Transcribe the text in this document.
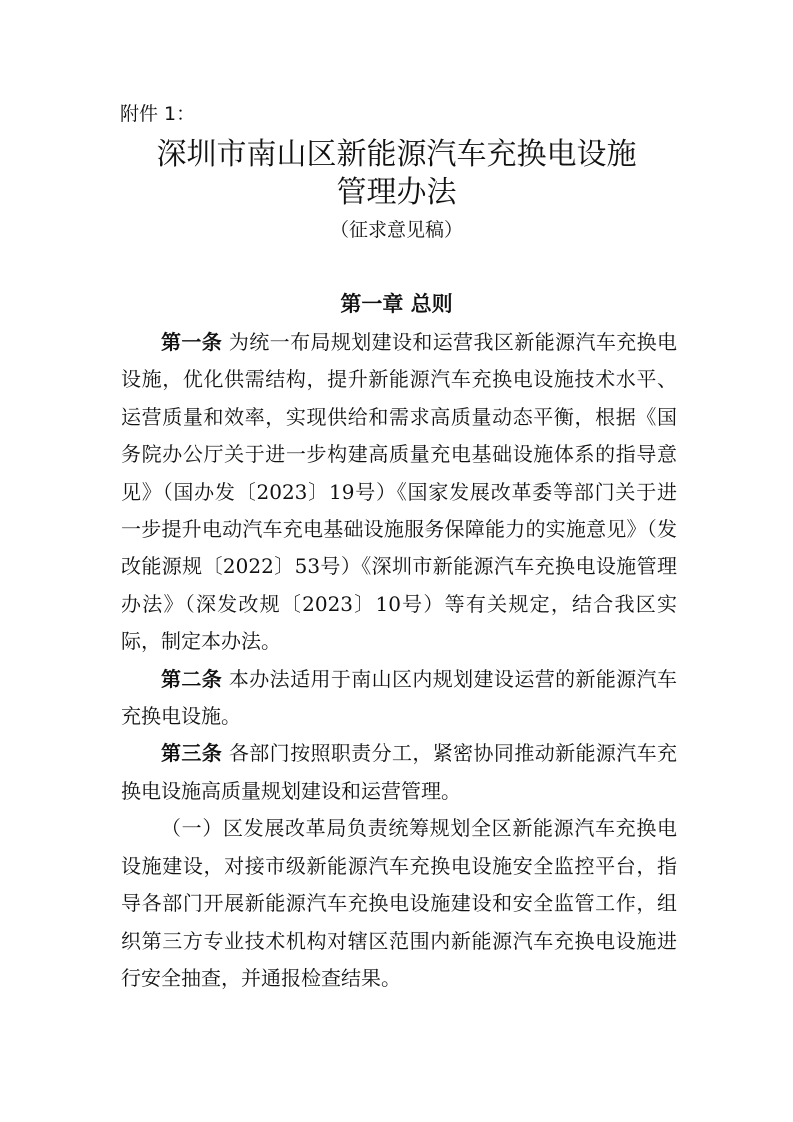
附件 1：
深圳市南山区新能源汽车充换电设施
管理办法
（征求意见稿）
第一章 总则

第一条 为统一布局规划建设和运营我区新能源汽车充换电设施，优化供需结构，提升新能源汽车充换电设施技术水平、运营质量和效率，实现供给和需求高质量动态平衡，根据《国务院办公厅关于进一步构建高质量充电基础设施体系的指导意见》（国办发〔2023〕19号）《国家发展改革委等部门关于进一步提升电动汽车充电基础设施服务保障能力的实施意见》（发改能源规〔2022〕53号）《深圳市新能源汽车充换电设施管理办法》（深发改规〔2023〕10号）等有关规定，结合我区实际，制定本办法。

第二条 本办法适用于南山区内规划建设运营的新能源汽车充换电设施。

第三条 各部门按照职责分工，紧密协同推动新能源汽车充换电设施高质量规划建设和运营管理。

（一）区发展改革局负责统筹规划全区新能源汽车充换电设施建设，对接市级新能源汽车充换电设施安全监控平台，指导各部门开展新能源汽车充换电设施建设和安全监管工作，组织第三方专业技术机构对辖区范围内新能源汽车充换电设施进行安全抽查，并通报检查结果。
